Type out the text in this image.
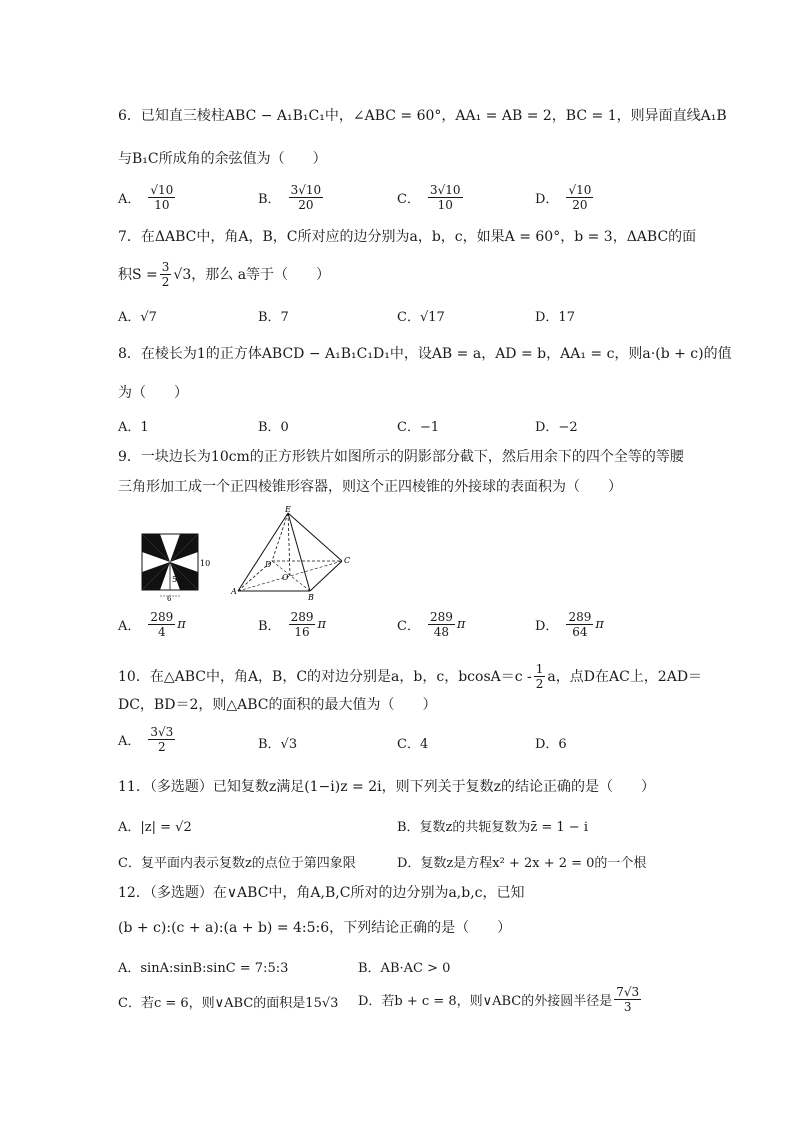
6．已知直三棱柱ABC − A₁B₁C₁中，∠ABC = 60°，AA₁ = AB = 2，BC = 1，则异面直线A₁B
与B₁C所成角的余弦值为（　　）
A． $\frac{√10}{10}$	B． $\frac{3√10}{20}$	C． $\frac{3√10}{10}$	D． $\frac{√10}{20}$
7．在ΔABC中，角A，B，C所对应的边分别为a，b，c，如果A = 60°，b = 3，ΔABC的面
积$S = \frac{3}{2} √3$，那么 a等于（　　）
A．√7	B．7	C．√17	D．17
8．在棱长为1的正方体ABCD − A₁B₁C₁D₁中，设AB = a，AD = b，AA₁ = c，则a·(b + c)的值
为（　　）
A．1	B．0	C．−1	D．−2
9．一块边长为10cm的正方形铁片如图所示的阴影部分截下，然后用余下的四个全等的等腰
三角形加工成一个正四棱锥形容器，则这个正四棱锥的外接球的表面积为（　　）
5
10
6
E
D	C
O
A
B
A． $\frac{289}{4}$ π	B． $\frac{289}{16}$ π	C． $\frac{289}{48}$ π	D． $\frac{289}{64}$ π
10．在△ABC中，角A，B，C的对边分别是a，b，c，$bcosA=c - \frac{1}{2}$ a，点D在AC上，2AD＝
DC，BD＝2，则△ABC的面积的最大值为（　　）
A． $\frac{3√3}{2}$	B．√3	C．4	D．6
11．（多选题）已知复数z满足(1−i)z = 2i，则下列关于复数z的结论正确的是（　　）
A．|z| = √2	B．复数z的共轭复数为z̄ = 1 − i
C．复平面内表示复数z的点位于第四象限	D．复数z是方程x² + 2x + 2 = 0的一个根
12．（多选题）在∨ABC中，角A,B,C所对的边分别为a,b,c，已知
(b + c):(c + a):(a + b) = 4:5:6，下列结论正确的是（　　）
A．sinA:sinB:sinC = 7:5:3	B．AB·AC > 0
C．若c = 6，则∨ABC的面积是15√3 D．若b + c = 8，则∨ABC的外接圆半径是 $\frac{7√3}{3}$
